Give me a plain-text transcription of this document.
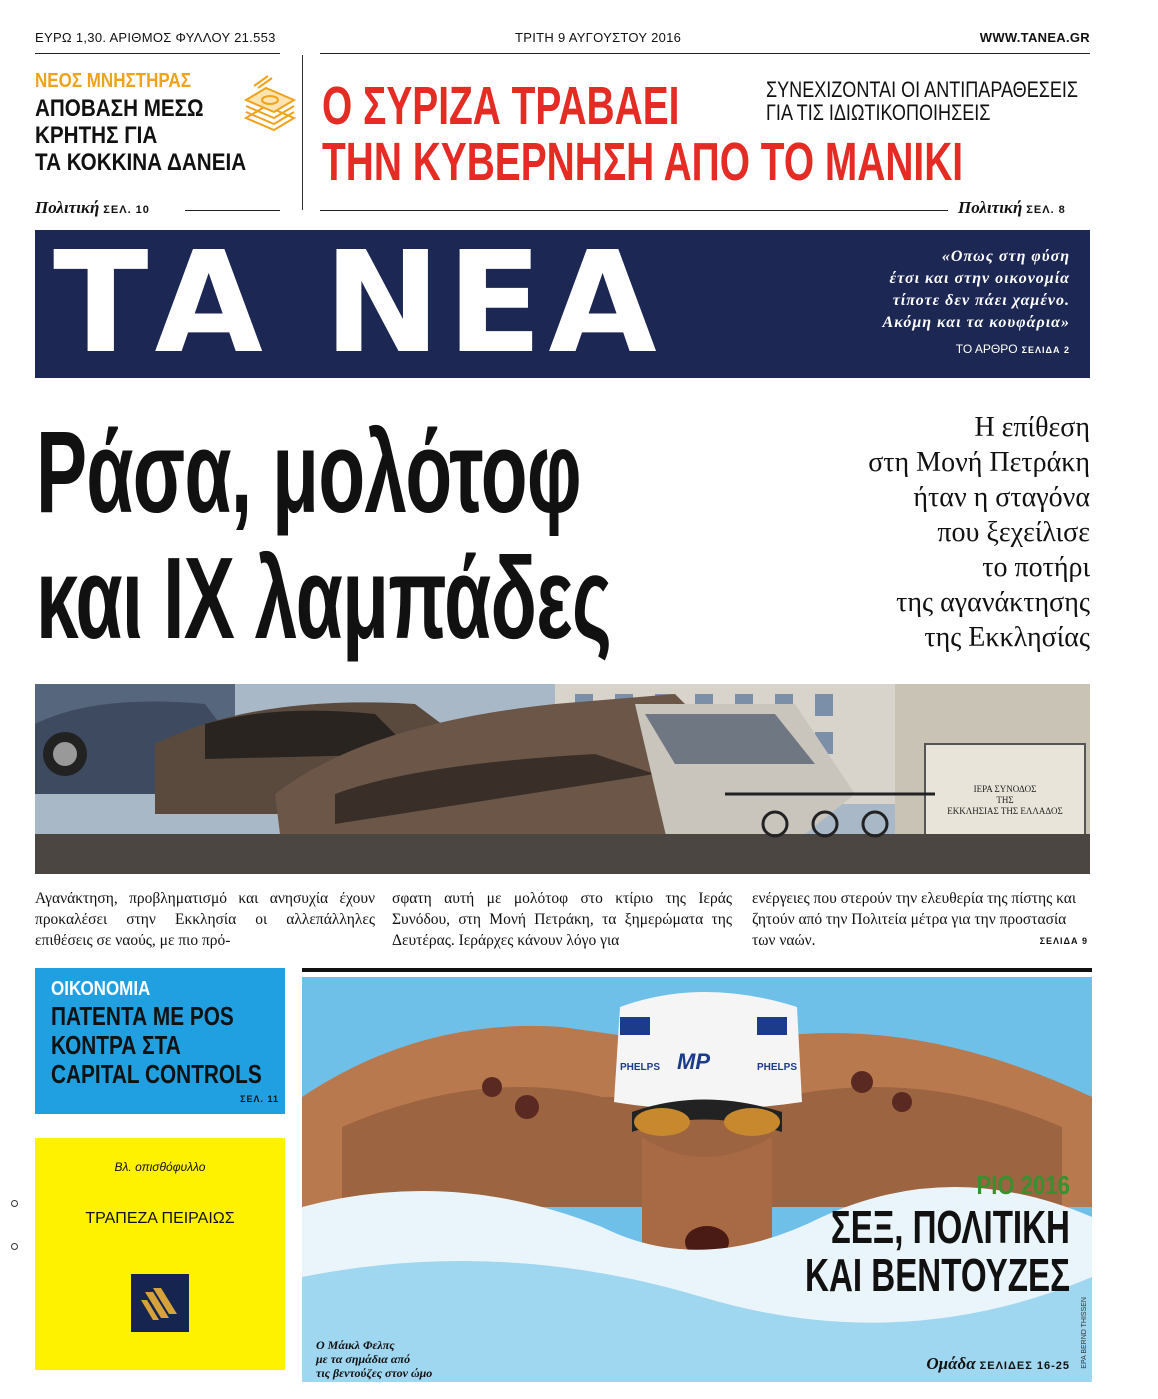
ΕΥΡΩ 1,30. ΑΡΙΘΜΟΣ ΦΥΛΛΟΥ 21.553	ΤΡΙΤΗ 9 ΑΥΓΟΥΣΤΟΥ 2016	WWW.TANEA.GR
ΝΕΟΣ ΜΝΗΣΤΗΡΑΣ
ΑΠΟΒΑΣΗ ΜΕΣΩ
ΚΡΗΤΗΣ ΓΙΑ
ΤΑ ΚΟΚΚΙΝΑ ΔΑΝΕΙΑ
Πολιτική ΣΕΛ. 10
Ο ΣΥΡΙΖΑ ΤΡΑΒΑΕΙ	ΣΥΝΕΧΙΖΟΝΤΑΙ ΟΙ ΑΝΤΙΠΑΡΑΘΕΣΕΙΣ
ΓΙΑ ΤΙΣ ΙΔΙΩΤΙΚΟΠΟΙΗΣΕΙΣ
ΤΗΝ ΚΥΒΕΡΝΗΣΗ ΑΠΟ ΤΟ ΜΑΝΙΚΙ
Πολιτική ΣΕΛ. 8
ΤΑ ΝΕΑ	«Οπως στη φύση
έτσι και στην οικονομία
τίποτε δεν πάει χαμένο.
Ακόμη και τα κουφάρια»
ΤΟ ΑΡΘΡΟ ΣΕΛΙΔΑ 2
Ράσα, μολότοφ
και ΙΧ λαμπάδες
Η επίθεση
στη Μονή Πετράκη
ήταν η σταγόνα
που ξεχείλισε
το ποτήρι
της αγανάκτησης
της Εκκλησίας
ΙΕΡΑ ΣΥΝΟΔΟΣ
ΤΗΣ
ΕΚΚΛΗΣΙΑΣ ΤΗΣ ΕΛΛΑΔΟΣ
Αγανάκτηση, προβληματισμό και ανησυχία έχουν προκαλέσει στην Εκκλησία οι αλλεπάλληλες επιθέσεις σε ναούς, με πιο πρό-
σφατη αυτή με μολότοφ στο κτίριο της Ιεράς Συνόδου, στη Μονή Πετράκη, τα ξημερώματα της Δευτέρας. Ιεράρχες κάνουν λόγο για
ενέργειες που στερούν την ελευθερία της πίστης και ζητούν από την Πολιτεία μέτρα για την προστασία των ναών.	ΣΕΛΙΔΑ 9
ΟΙΚΟΝΟΜΙΑ
ΠΑΤΕΝΤΑ ΜΕ POS
ΚΟΝΤΡΑ ΣΤΑ
CAPITAL CONTROLS
ΣΕΛ. 11
Βλ. οπισθόφυλλο
ΤΡΑΠΕΖΑ ΠΕΙΡΑΙΩΣ
PHELPS MP	PHELPS
ΡΙΟ 2016
ΣΕΞ, ΠΟΛΙΤΙΚΗ
ΚΑΙ ΒΕΝΤΟΥΖΕΣ
Ομάδα ΣΕΛΙΔΕΣ 16-25
Ο Μάικλ Φελπς
με τα σημάδια από
τις βεντούζες στον ώμο
EPA BERND THISSEN
